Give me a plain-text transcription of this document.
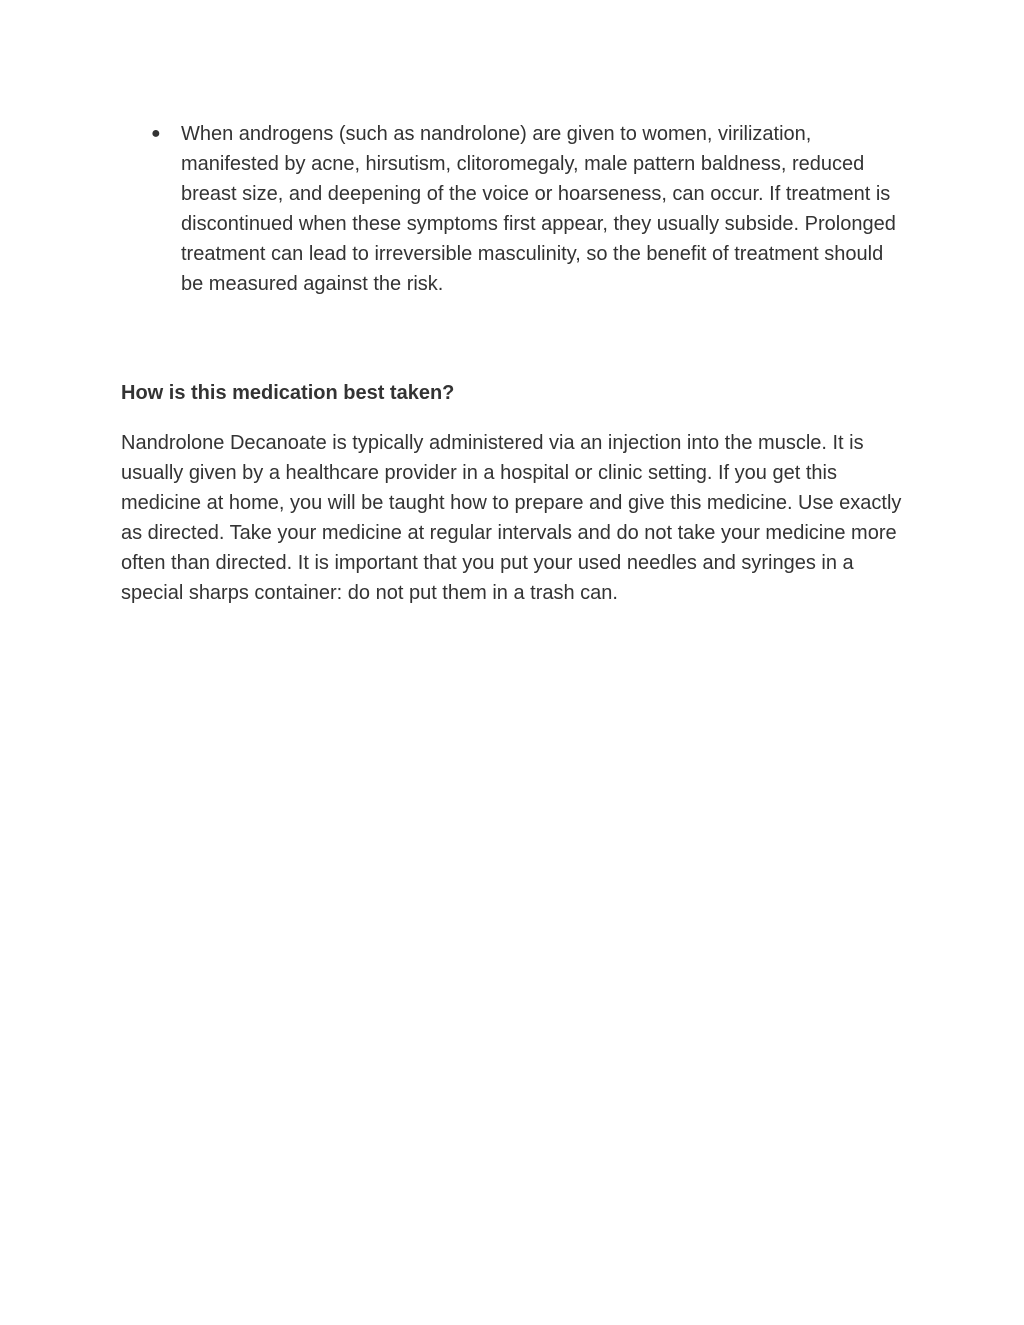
● When androgens (such as nandrolone) are given to women, virilization, manifested by acne, hirsutism, clitoromegaly, male pattern baldness, reduced breast size, and deepening of the voice or hoarseness, can occur. If treatment is discontinued when these symptoms first appear, they usually subside. Prolonged treatment can lead to irreversible masculinity, so the benefit of treatment should be measured against the risk.

How is this medication best taken?

Nandrolone Decanoate is typically administered via an injection into the muscle. It is usually given by a healthcare provider in a hospital or clinic setting. If you get this medicine at home, you will be taught how to prepare and give this medicine. Use exactly as directed. Take your medicine at regular intervals and do not take your medicine more often than directed. It is important that you put your used needles and syringes in a special sharps container: do not put them in a trash can.
